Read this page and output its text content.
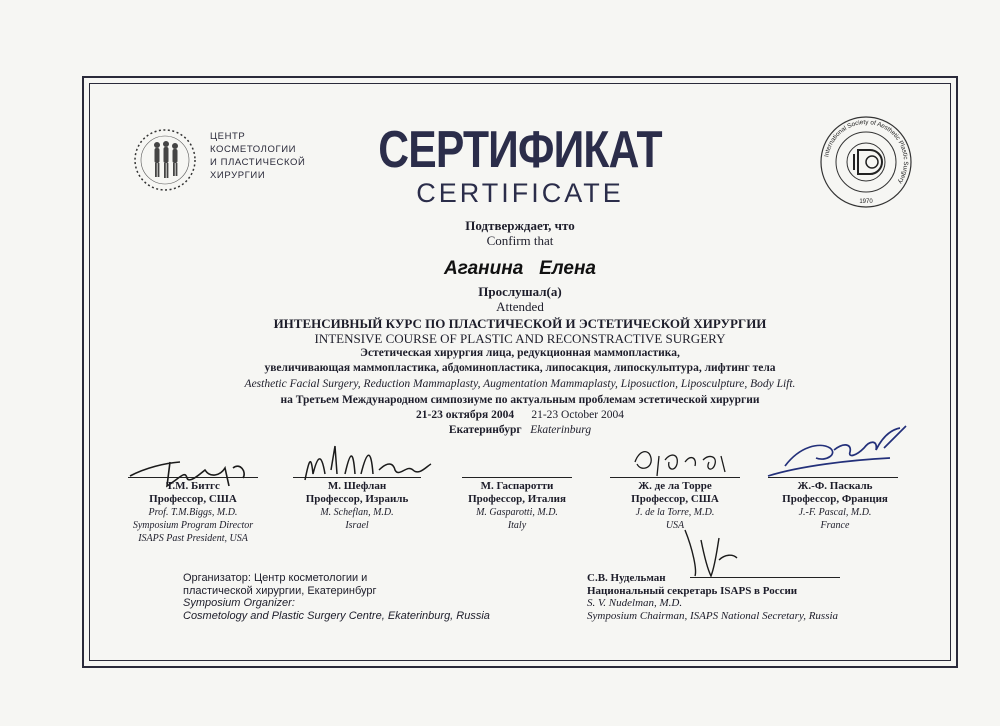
ЦЕНТР
КОСМЕТОЛОГИИ
И ПЛАСТИЧЕСКОЙ
ХИРУРГИИ	СЕРТИФИКАТ
CERTIFICATE
International Society of Aesthetic Plastic Surgery
1970
Подтверждает, что
Confirm that
Аганина   Елена
Прослушал(а)
Attended
ИНТЕНСИВНЫЙ КУРС ПО ПЛАСТИЧЕСКОЙ И ЭСТЕТИЧЕСКОЙ ХИРУРГИИ
INTENSIVE COURSE OF PLASTIC AND RECONSTRACTIVE SURGERY
Эстетическая хирургия лица, редукционная маммопластика,
увеличивающая маммопластика, абдоминопластика, липосакция, липоскульптура, лифтинг тела
Aesthetic Facial Surgery, Reduction Mammaplasty, Augmentation Mammaplasty, Liposuction, Liposculpture, Body Lift.
на Третьем Международном симпозиуме по актуальным проблемам эстетической хирургии
21-23 октября 2004 21-23 October 2004
Екатеринбург Ekaterinburg
Т.М. Битгс
Профессор, США
Prof. T.M.Biggs, M.D.
Symposium Program Director
ISAPS Past President, USA
М. Шефлан
Профессор, Израиль
M. Scheflan, M.D.
Israel
М. Гаспаротти
Профессор, Италия
M. Gasparotti, M.D.
Italy
Ж. де ла Торре
Профессор, США
J. de la Torre, M.D.
USA
Ж.-Ф. Паскаль
Профессор, Франция
J.-F. Pascal, M.D.
France
Организатор: Центр косметологии и
пластической хирургии, Екатеринбург
Symposium Organizer:
Cosmetology and Plastic Surgery Centre, Ekaterinburg, Russia
С.В. Нудельман
Национальный секретарь ISAPS в России
S. V. Nudelman, M.D.
Symposium Chairman, ISAPS National Secretary, Russia
